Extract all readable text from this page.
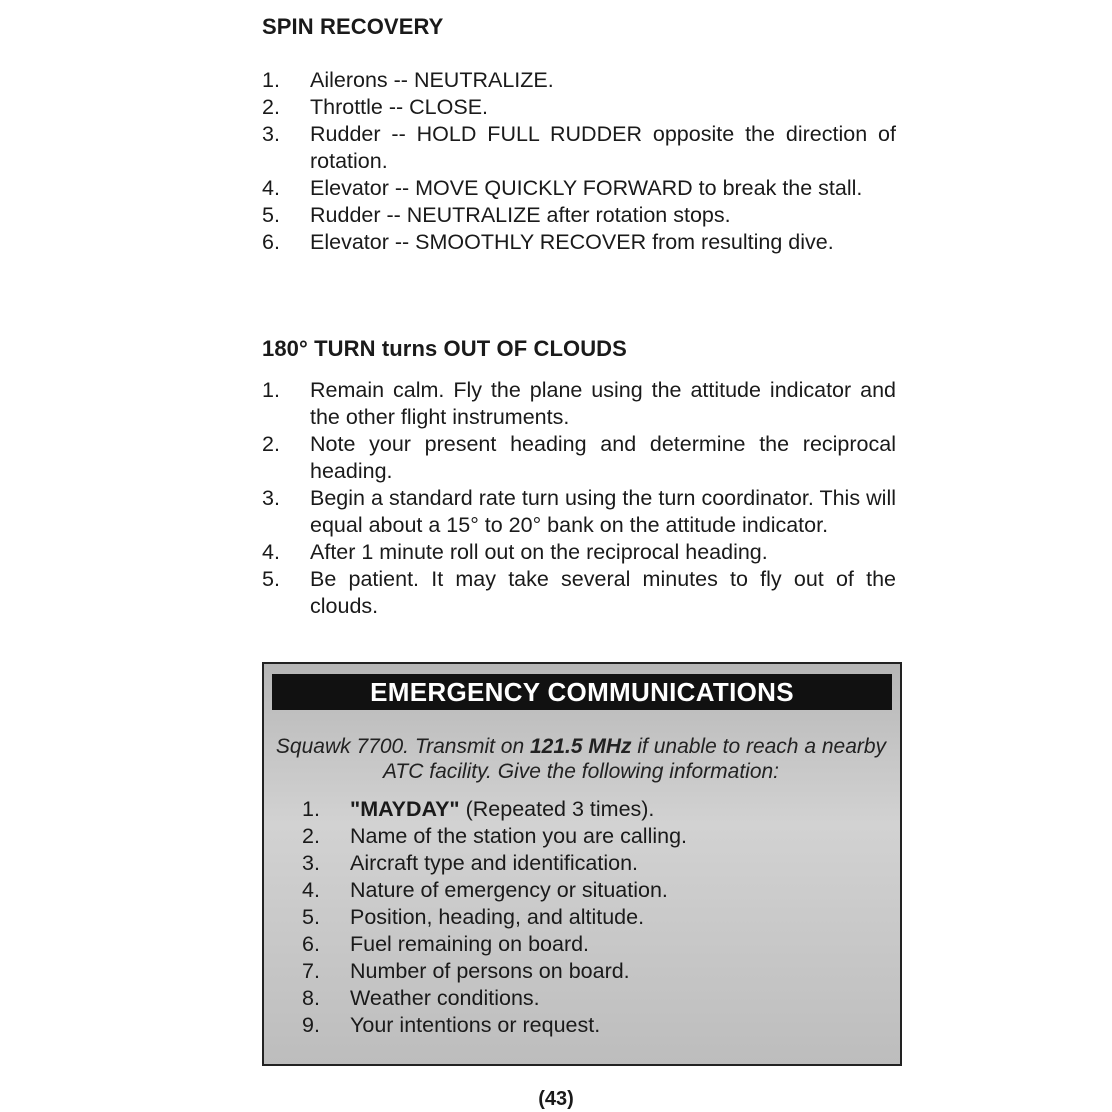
SPIN RECOVERY
1. Ailerons -- NEUTRALIZE.
2. Throttle -- CLOSE.
3. Rudder -- HOLD FULL RUDDER opposite the direction of rotation.
4. Elevator -- MOVE QUICKLY FORWARD to break the stall.
5. Rudder -- NEUTRALIZE after rotation stops.
6. Elevator -- SMOOTHLY RECOVER from resulting dive.
180° TURN turns OUT OF CLOUDS
1. Remain calm. Fly the plane using the attitude indicator and the other flight instruments.
2. Note your present heading and determine the reciprocal heading.
3. Begin a standard rate turn using the turn coordinator. This will equal about a 15° to 20° bank on the attitude indicator.
4. After 1 minute roll out on the reciprocal heading.
5. Be patient. It may take several minutes to fly out of the clouds.
EMERGENCY COMMUNICATIONS
Squawk 7700. Transmit on 121.5 MHz if unable to reach a nearby ATC facility. Give the following information:
1. "MAYDAY" (Repeated 3 times).
2. Name of the station you are calling.
3. Aircraft type and identification.
4. Nature of emergency or situation.
5. Position, heading, and altitude.
6. Fuel remaining on board.
7. Number of persons on board.
8. Weather conditions.
9. Your intentions or request.
(43)
